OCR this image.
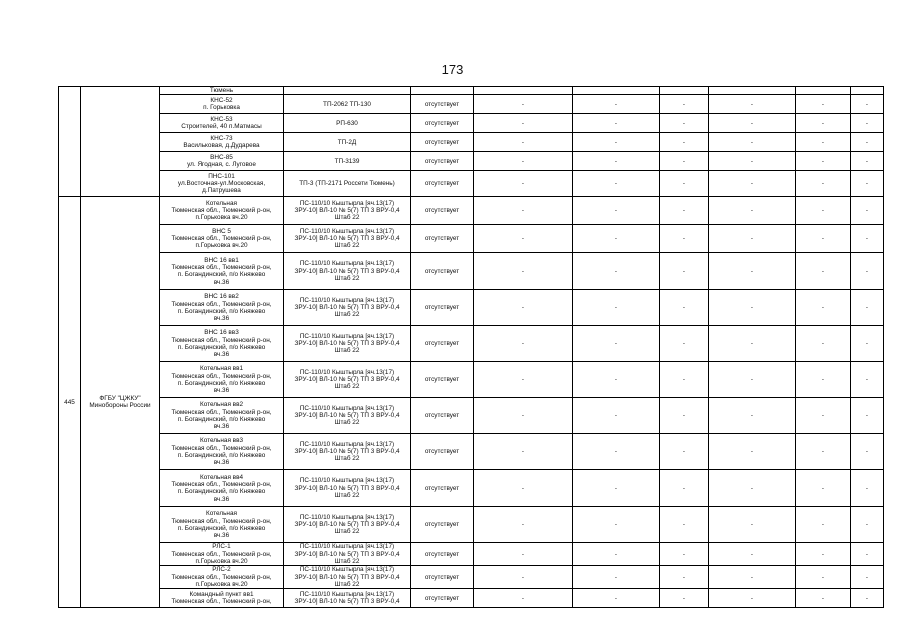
173
		Тюмень								
		КНС-52
п. Горьковка	ТП-2062 ТП-130	отсутствует	-	-	-	-	-	-
		КНС-53
Строителей, 40 п.Матмасы	РП-630	отсутствует	-	-	-	-	-	-
		КНС-73
Васильковая, д.Дударева	ТП-2Д	отсутствует	-	-	-	-	-	-
		ВНС-85
ул. Ягодная, с. Луговое	ТП-3139	отсутствует	-	-	-	-	-	-
		ПНС-101
ул.Восточная-ул.Московская,
д.Патрушева	ТП-3 (ТП-2171 Россети Тюмень)	отсутствует	-	-	-	-	-	-
445	ФГБУ "ЦЖКУ"
Минобороны России	Котельная
Тюменская обл., Тюменский р-он,
п.Горьковка вч.20	ПС-110/10 Кыштырла [яч.13(17)
ЗРУ-10] ВЛ-10 № 5(7) ТП 3 ВРУ-0,4
Штаб 22	отсутствует	-	-	-	-	-	-
		ВНС 5
Тюменская обл., Тюменский р-он,
п.Горьковка вч.20	ПС-110/10 Кыштырла [яч.13(17)
ЗРУ-10] ВЛ-10 № 5(7) ТП 3 ВРУ-0,4
Штаб 22	отсутствует	-	-	-	-	-	-
		ВНС 16 вв1
Тюменская обл., Тюменский р-он,
п. Богандинский, п/о Княжево
вч.36	ПС-110/10 Кыштырла [яч.13(17)
ЗРУ-10] ВЛ-10 № 5(7) ТП 3 ВРУ-0,4
Штаб 22	отсутствует	-	-	-	-	-	-
		ВНС 16 вв2
Тюменская обл., Тюменский р-он,
п. Богандинский, п/о Княжево
вч.36	ПС-110/10 Кыштырла [яч.13(17)
ЗРУ-10] ВЛ-10 № 5(7) ТП 3 ВРУ-0,4
Штаб 22	отсутствует	-	-	-	-	-	-
		ВНС 16 вв3
Тюменская обл., Тюменский р-он,
п. Богандинский, п/о Княжево
вч.36	ПС-110/10 Кыштырла [яч.13(17)
ЗРУ-10] ВЛ-10 № 5(7) ТП 3 ВРУ-0,4
Штаб 22	отсутствует	-	-	-	-	-	-
		Котельная вв1
Тюменская обл., Тюменский р-он,
п. Богандинский, п/о Княжево
вч.36	ПС-110/10 Кыштырла [яч.13(17)
ЗРУ-10] ВЛ-10 № 5(7) ТП 3 ВРУ-0,4
Штаб 22	отсутствует	-	-	-	-	-	-
		Котельная вв2
Тюменская обл., Тюменский р-он,
п. Богандинский, п/о Княжево
вч.36	ПС-110/10 Кыштырла [яч.13(17)
ЗРУ-10] ВЛ-10 № 5(7) ТП 3 ВРУ-0,4
Штаб 22	отсутствует	-	-	-	-	-	-
		Котельная вв3
Тюменская обл., Тюменский р-он,
п. Богандинский, п/о Княжево
вч.36	ПС-110/10 Кыштырла [яч.13(17)
ЗРУ-10] ВЛ-10 № 5(7) ТП 3 ВРУ-0,4
Штаб 22	отсутствует	-	-	-	-	-	-
		Котельная вв4
Тюменская обл., Тюменский р-он,
п. Богандинский, п/о Княжево
вч.36	ПС-110/10 Кыштырла [яч.13(17)
ЗРУ-10] ВЛ-10 № 5(7) ТП 3 ВРУ-0,4
Штаб 22	отсутствует	-	-	-	-	-	-
		Котельная
Тюменская обл., Тюменский р-он,
п. Богандинский, п/о Княжево
вч.36	ПС-110/10 Кыштырла [яч.13(17)
ЗРУ-10] ВЛ-10 № 5(7) ТП 3 ВРУ-0,4
Штаб 22	отсутствует	-	-	-	-	-	-
		РЛС-1
Тюменская обл., Тюменский р-он,
п.Горьковка вч.20	ПС-110/10 Кыштырла [яч.13(17)
ЗРУ-10] ВЛ-10 № 5(7) ТП 3 ВРУ-0,4
Штаб 22	отсутствует	-	-	-	-	-	-
		РЛС-2
Тюменская обл., Тюменский р-он,
п.Горьковка вч.20	ПС-110/10 Кыштырла [яч.13(17)
ЗРУ-10] ВЛ-10 № 5(7) ТП 3 ВРУ-0,4
Штаб 22	отсутствует	-	-	-	-	-	-
		Командный пункт вв1
Тюменская обл., Тюменский р-он,	ПС-110/10 Кыштырла [яч.13(17)
ЗРУ-10] ВЛ-10 № 5(7) ТП 3 ВРУ-0,4	отсутствует	-	-	-	-	-	-
